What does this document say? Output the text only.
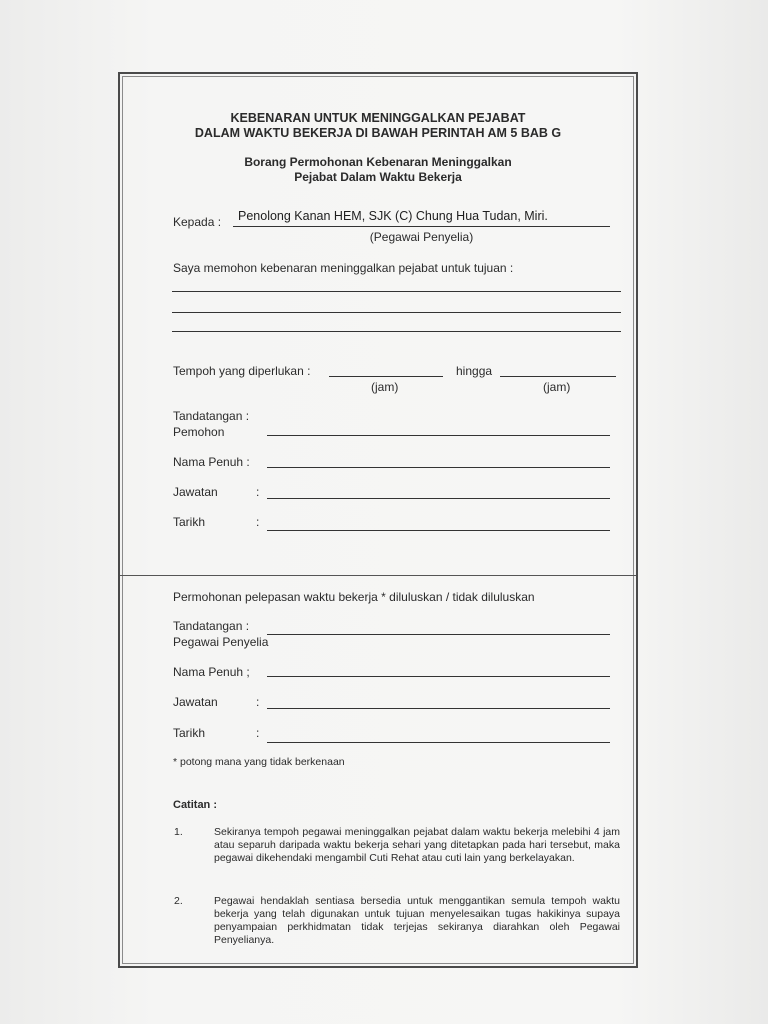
KEBENARAN UNTUK MENINGGALKAN PEJABAT
DALAM WAKTU BEKERJA DI BAWAH PERINTAH AM 5 BAB G
Borang Permohonan Kebenaran Meninggalkan
Pejabat Dalam Waktu Bekerja
Kepada : Penolong Kanan HEM, SJK (C) Chung Hua Tudan, Miri.
(Pegawai Penyelia)
Saya memohon kebenaran meninggalkan pejabat untuk tujuan :
Tempoh yang diperlukan :	hingga
(jam)	(jam)
Tandatangan :
Pemohon
Nama Penuh :
Jawatan	:
Tarikh	:
Permohonan pelepasan waktu bekerja * diluluskan / tidak diluluskan
Tandatangan :
Pegawai Penyelia
Nama Penuh ;
Jawatan	:
Tarikh	:
* potong mana yang tidak berkenaan
Catitan :
1.	Sekiranya tempoh pegawai meninggalkan pejabat dalam waktu bekerja melebihi 4 jam atau separuh daripada waktu bekerja sehari yang ditetapkan pada hari tersebut, maka pegawai dikehendaki mengambil Cuti Rehat atau cuti lain yang berkelayakan.
2.	Pegawai hendaklah sentiasa bersedia untuk menggantikan semula tempoh waktu bekerja yang telah digunakan untuk tujuan menyelesaikan tugas hakikinya supaya penyampaian perkhidmatan tidak terjejas sekiranya diarahkan oleh Pegawai Penyelianya.
